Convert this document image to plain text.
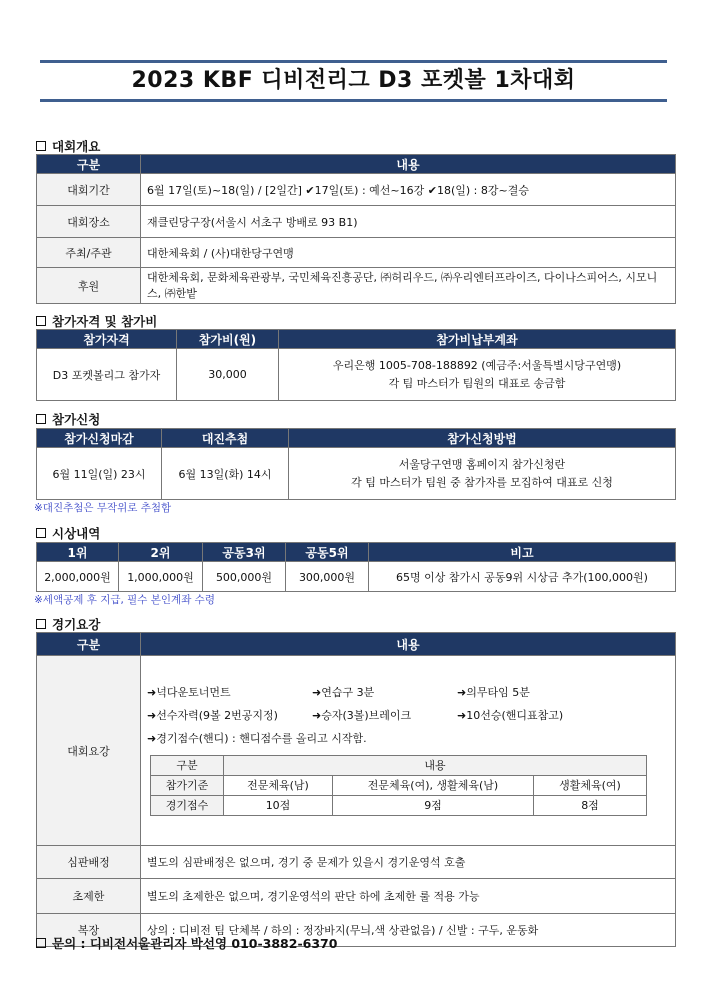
2023 KBF 디비전리그 D3 포켓볼 1차대회
대회개요
구분	내용
대회기간	6월 17일(토)~18(일) / [2일간] ✔17일(토) : 예선~16강 ✔18(일) : 8강~결승
대회장소	재클린당구장(서울시 서초구 방배로 93 B1)
주최/주관	대한체육회 / (사)대한당구연맹
후원	대한체육회, 문화체육관광부, 국민체육진흥공단, ㈜허리우드, ㈜우리엔터프라이즈, 다이나스피어스, 시모니스, ㈜한밭
참가자격 및 참가비
참가자격	참가비(원)	참가비납부계좌
D3 포켓볼리그 참가자	30,000	우리은행 1005-708-188892 (예금주:서울특별시당구연맹)
각 팀 마스터가 팀원의 대표로 송금함
참가신청
참가신청마감	대진추첨	참가신청방법
6월 11일(일) 23시	6월 13일(화) 14시	서울당구연맹 홈페이지 참가신청란
각 팀 마스터가 팀원 중 참가자를 모집하여 대표로 신청
※대진추첨은 무작위로 추첨함
시상내역
1위	2위	공동3위	공동5위	비고
2,000,000원	1,000,000원	500,000원	300,000원	65명 이상 참가시 공동9위 시상금 추가(100,000원)
※세액공제 후 지급, 필수 본인계좌 수령
경기요강
구분	내용
대회요강	
➜넉다운토너먼트	➜연습구 3분	➜의무타임 5분
➜선수자력(9볼 2번공지정)	➜승자(3볼)브레이크	➜10선승(핸디표참고)
➜경기점수(핸디) : 핸디점수를 올리고 시작함.
구분	내용
참가기준	전문체육(남)	전문체육(여), 생활체육(남)	생활체육(여)
경기점수	10점	9점	8점

심판배정	별도의 심판배정은 없으며, 경기 중 문제가 있을시 경기운영석 호출
초제한	별도의 초제한은 없으며, 경기운영석의 판단 하에 초제한 룰 적용 가능
복장	상의 : 디비전 팀 단체복 / 하의 : 정장바지(무늬,색 상관없음) / 신발 : 구두, 운동화
문의 : 디비전서울관리자 박선영 010-3882-6370
